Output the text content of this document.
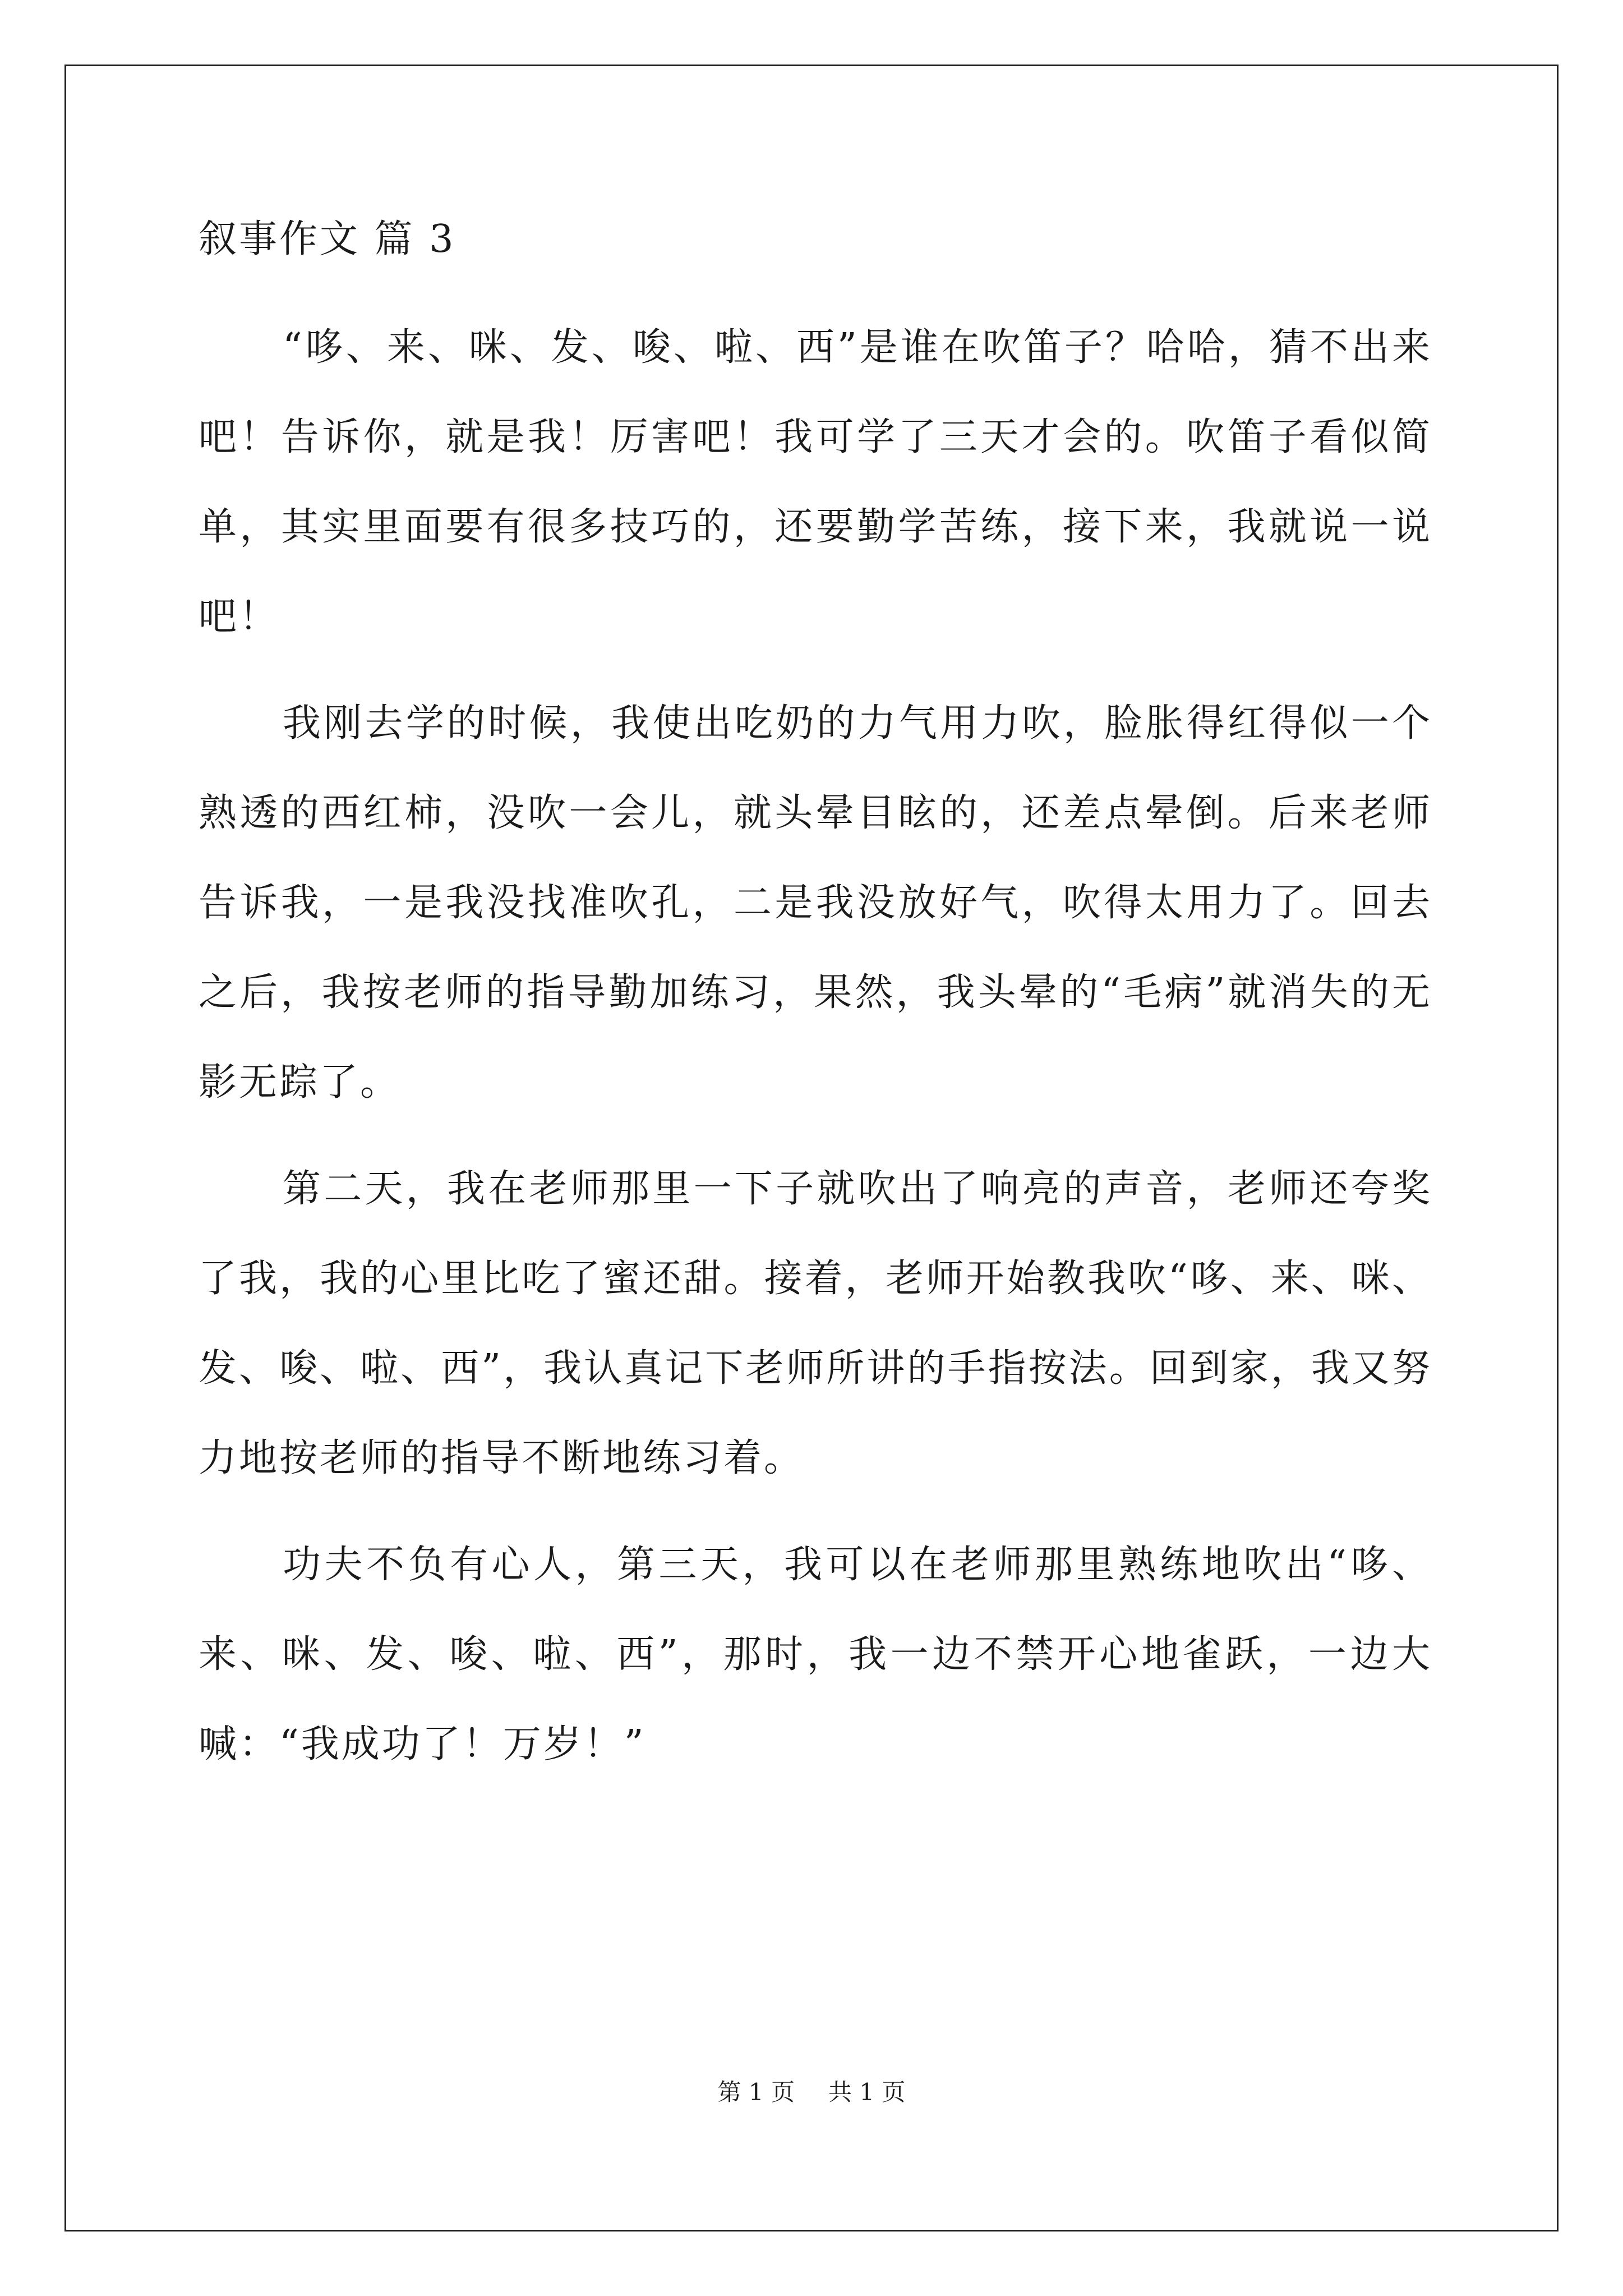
叙事作文 篇 3

“哆、来、咪、发、唆、啦、西”是谁在吹笛子？哈哈，猜不出来吧！告诉你，就是我！厉害吧！我可学了三天才会的。吹笛子看似简单，其实里面要有很多技巧的，还要勤学苦练，接下来，我就说一说吧！

我刚去学的时候，我使出吃奶的力气用力吹，脸胀得红得似一个熟透的西红柿，没吹一会儿，就头晕目眩的，还差点晕倒。后来老师告诉我，一是我没找准吹孔，二是我没放好气，吹得太用力了。回去之后，我按老师的指导勤加练习，果然，我头晕的“毛病”就消失的无影无踪了。

第二天，我在老师那里一下子就吹出了响亮的声音，老师还夸奖了我，我的心里比吃了蜜还甜。接着，老师开始教我吹“哆、来、咪、发、唆、啦、西”，我认真记下老师所讲的手指按法。回到家，我又努力地按老师的指导不断地练习着。

功夫不负有心人，第三天，我可以在老师那里熟练地吹出“哆、来、咪、发、唆、啦、西”，那时，我一边不禁开心地雀跃，一边大喊：“我成功了！万岁！”

第 1 页 共 1 页
